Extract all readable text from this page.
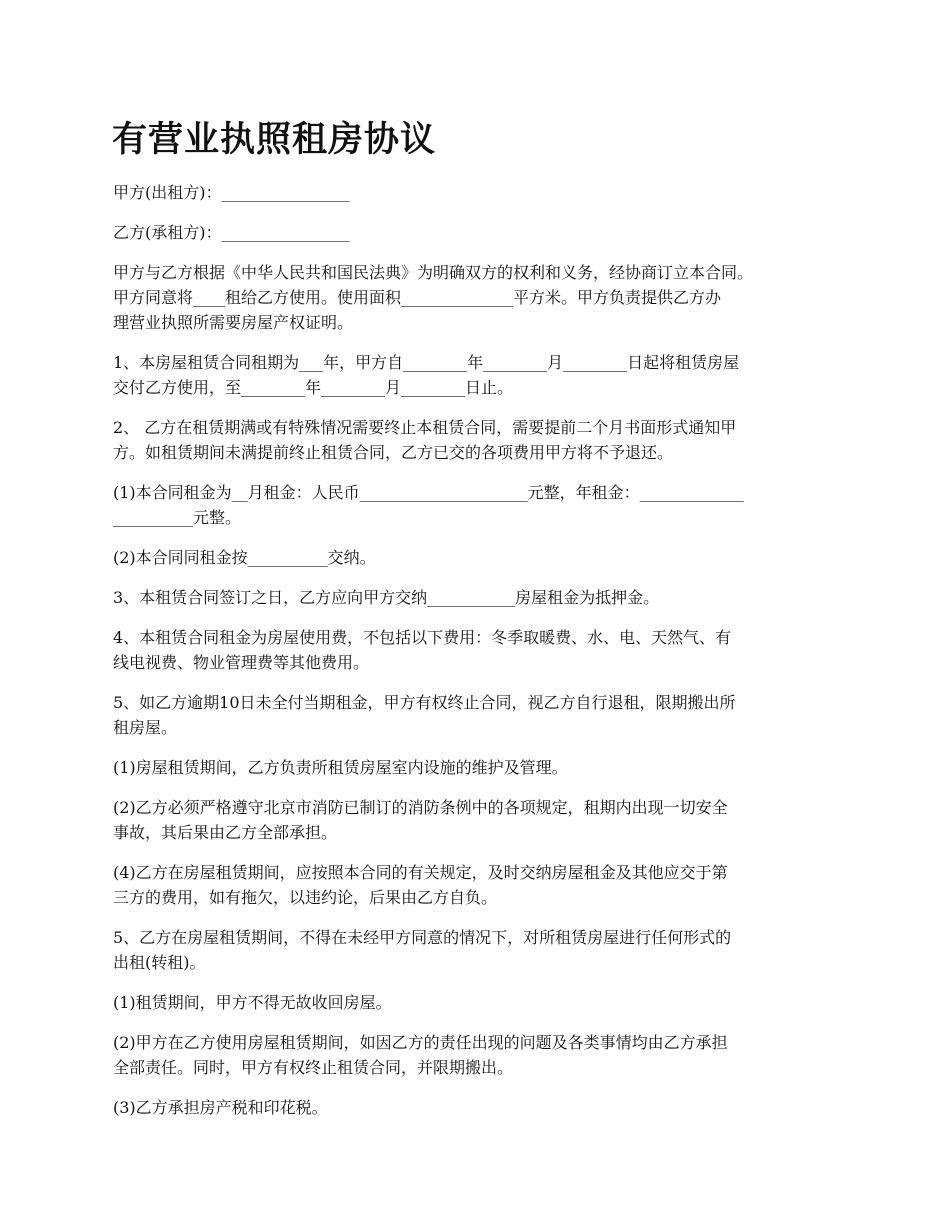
有营业执照租房协议

甲方(出租方)：________________

乙方(承租方)：________________

甲方与乙方根据《中华人民共和国民法典》为明确双方的权利和义务，经协商订立本合同。
甲方同意将____租给乙方使用。使用面积______________平方米。甲方负责提供乙方办
理营业执照所需要房屋产权证明。

1、本房屋租赁合同租期为___年，甲方自________年________月________日起将租赁房屋
交付乙方使用，至________年________月________日止。

2、 乙方在租赁期满或有特殊情况需要终止本租赁合同，需要提前二个月书面形式通知甲
方。如租赁期间未满提前终止租赁合同，乙方已交的各项费用甲方将不予退还。

(1)本合同租金为__月租金：人民币_____________________元整，年租金：_____________
__________元整。

(2)本合同同租金按__________交纳。

3、本租赁合同签订之日，乙方应向甲方交纳___________房屋租金为抵押金。

4、本租赁合同租金为房屋使用费，不包括以下费用：冬季取暖费、水、电、天然气、有
线电视费、物业管理费等其他费用。

5、如乙方逾期10日未全付当期租金，甲方有权终止合同，视乙方自行退租，限期搬出所
租房屋。

(1)房屋租赁期间，乙方负责所租赁房屋室内设施的维护及管理。

(2)乙方必须严格遵守北京市消防已制订的消防条例中的各项规定，租期内出现一切安全
事故，其后果由乙方全部承担。

(4)乙方在房屋租赁期间，应按照本合同的有关规定，及时交纳房屋租金及其他应交于第
三方的费用，如有拖欠，以违约论，后果由乙方自负。

5、乙方在房屋租赁期间，不得在未经甲方同意的情况下，对所租赁房屋进行任何形式的
出租(转租)。

(1)租赁期间，甲方不得无故收回房屋。

(2)甲方在乙方使用房屋租赁期间，如因乙方的责任出现的问题及各类事情均由乙方承担
全部责任。同时，甲方有权终止租赁合同，并限期搬出。

(3)乙方承担房产税和印花税。
